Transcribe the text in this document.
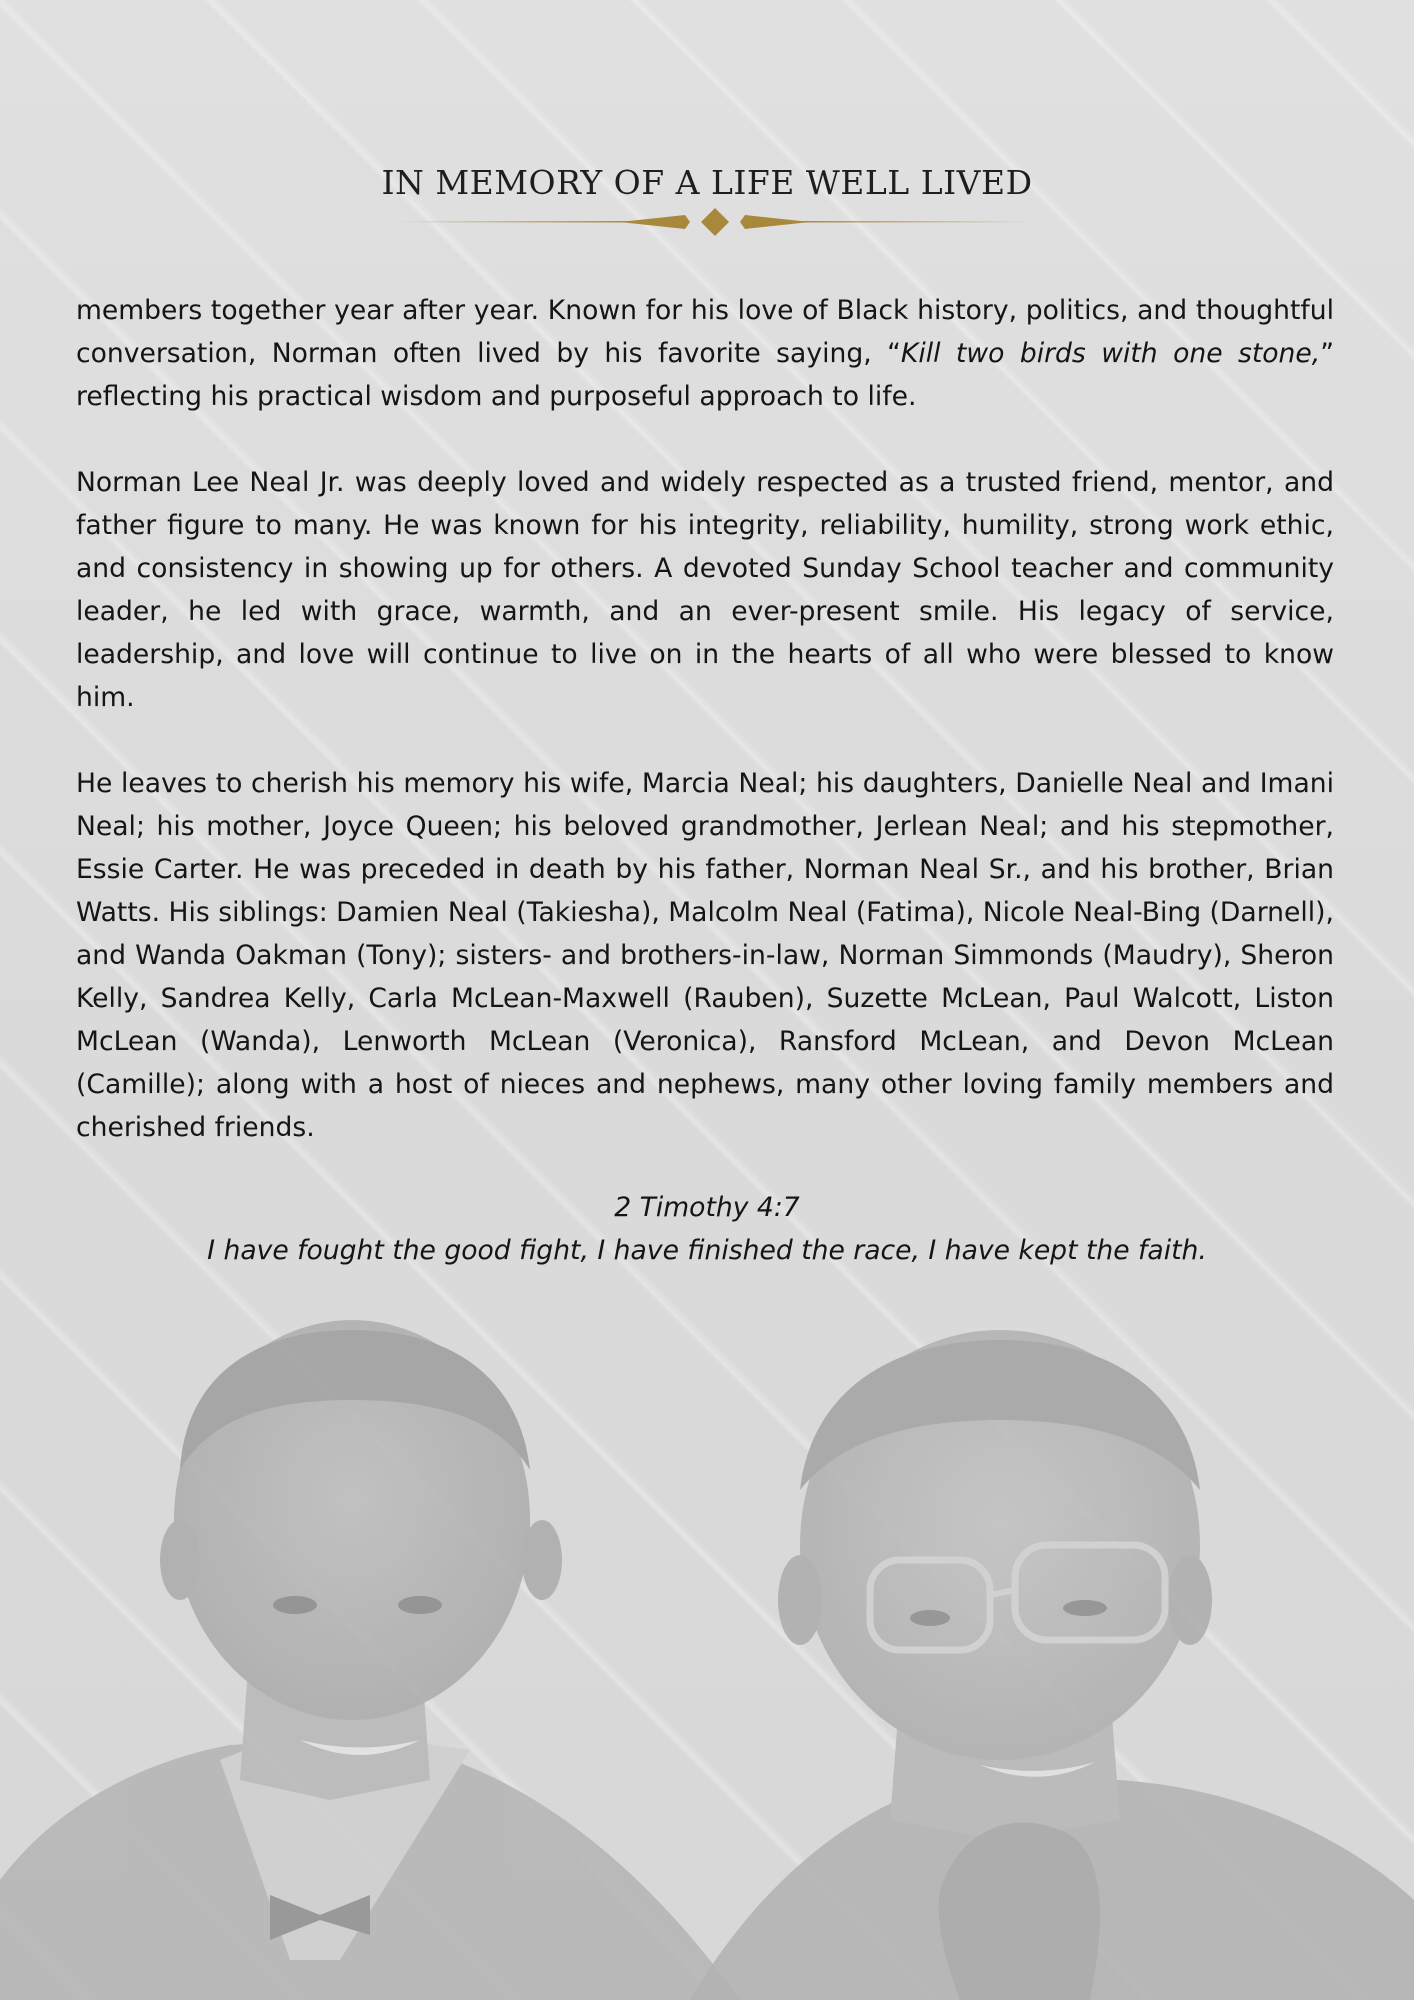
IN MEMORY OF A LIFE WELL LIVED

members together year after year. Known for his love of Black history, politics, and thoughtful conversation, Norman often lived by his favorite saying, “Kill two birds with one stone,” reflecting his practical wisdom and purposeful approach to life.

Norman Lee Neal Jr. was deeply loved and widely respected as a trusted friend, mentor, and father figure to many. He was known for his integrity, reliability, humility, strong work ethic, and consistency in showing up for others. A devoted Sunday School teacher and community leader, he led with grace, warmth, and an ever-present smile. His legacy of service, leadership, and love will continue to live on in the hearts of all who were blessed to know him.

He leaves to cherish his memory his wife, Marcia Neal; his daughters, Danielle Neal and Imani Neal; his mother, Joyce Queen; his beloved grandmother, Jerlean Neal; and his stepmother, Essie Carter. He was preceded in death by his father, Norman Neal Sr., and his brother, Brian Watts. His siblings: Damien Neal (Takiesha), Malcolm Neal (Fatima), Nicole Neal-Bing (Darnell), and Wanda Oakman (Tony); sisters- and brothers-in-law, Norman Simmonds (Maudry), Sheron Kelly, Sandrea Kelly, Carla McLean-Maxwell (Rauben), Suzette McLean, Paul Walcott, Liston McLean (Wanda), Lenworth McLean (Veronica), Ransford McLean, and Devon McLean (Camille); along with a host of nieces and nephews, many other loving family members and cherished friends.

2 Timothy 4:7
I have fought the good fight, I have finished the race, I have kept the faith.
